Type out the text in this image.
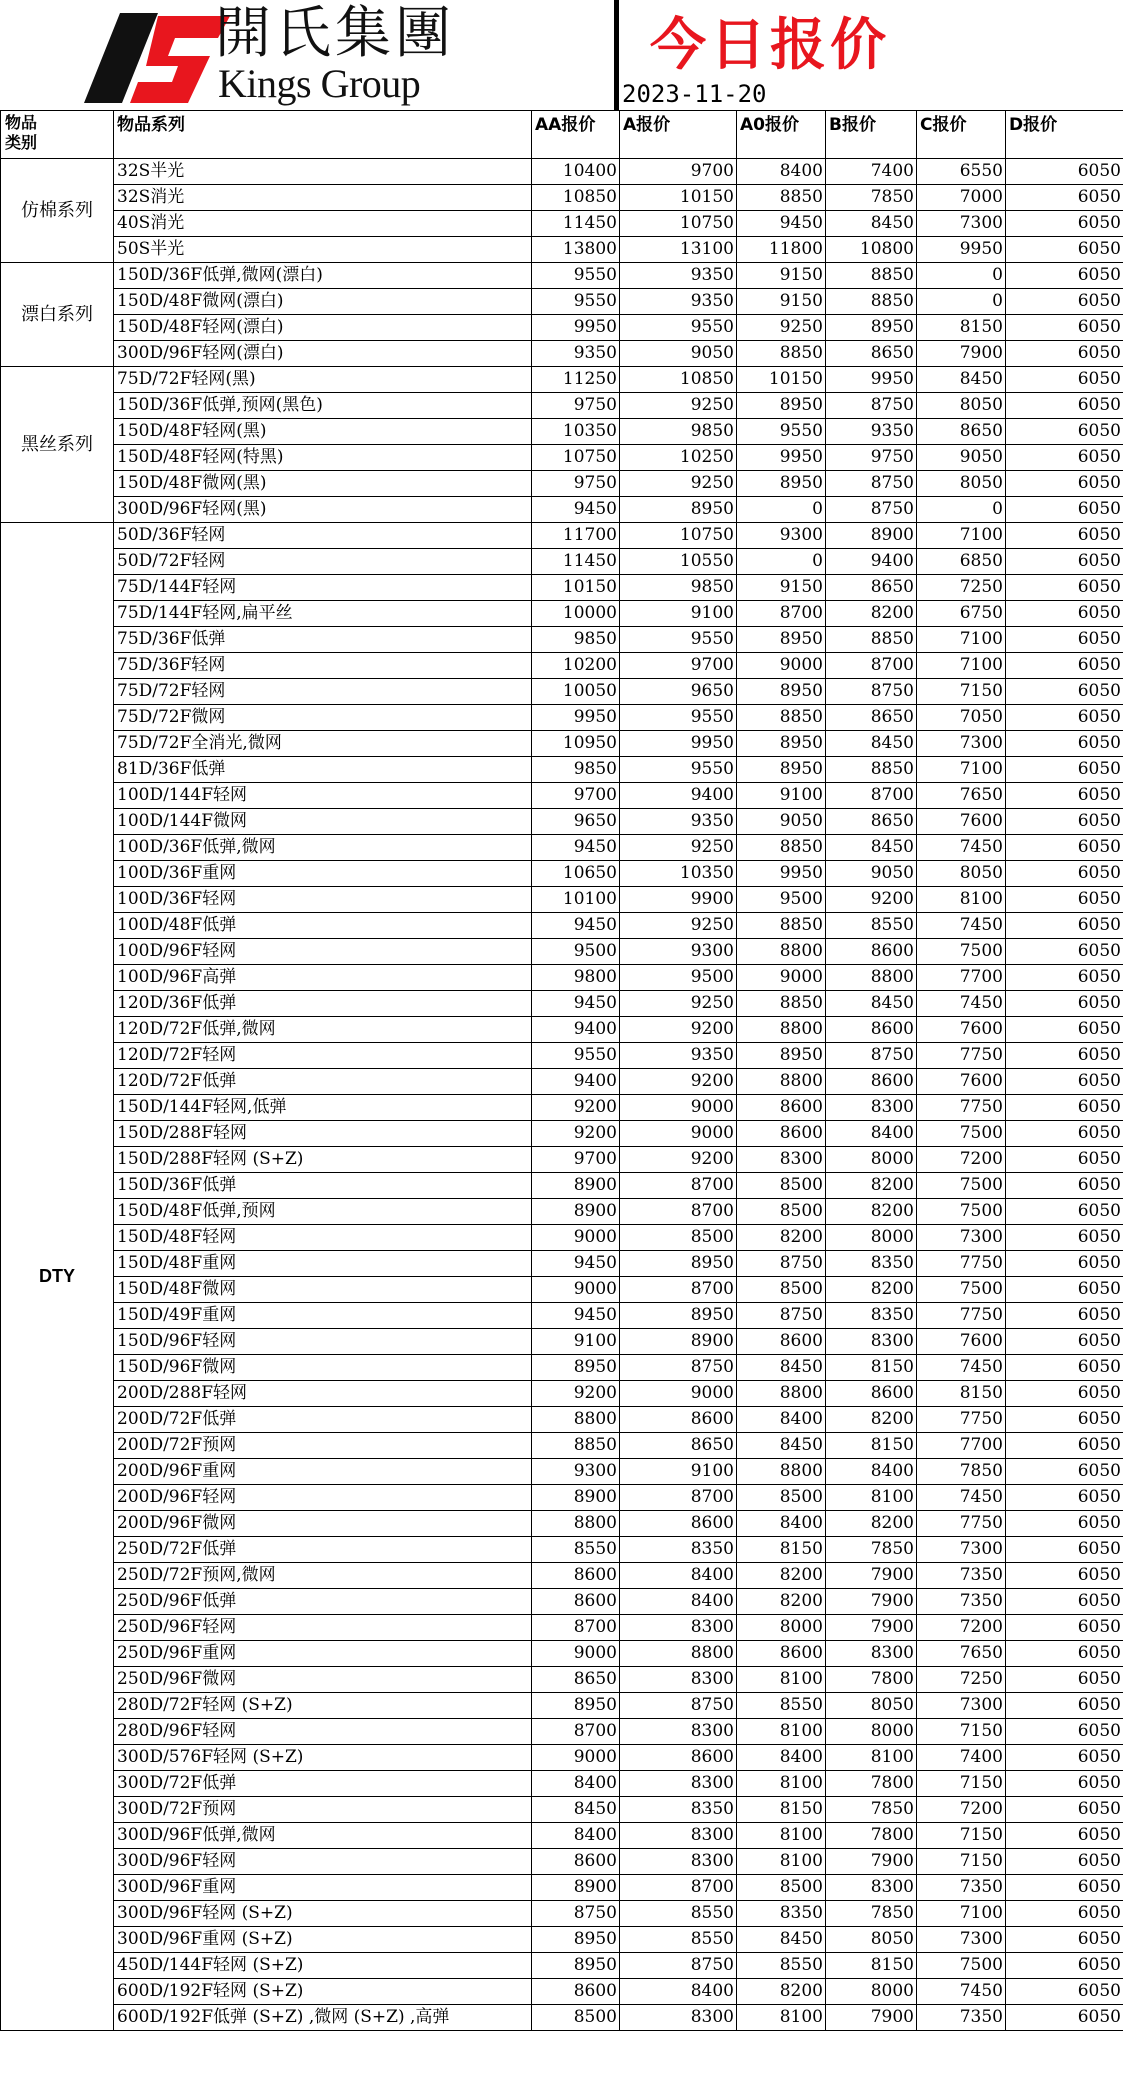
開氏集團
Kings Group
今日报价
2023-11-20
物品
类别	物品系列	AA报价	A报价	A0报价	B报价	C报价	D报价
仿棉系列	32S半光	10400	9700	8400	7400	6550	6050
	32S消光	10850	10150	8850	7850	7000	6050
	40S消光	11450	10750	9450	8450	7300	6050
	50S半光	13800	13100	11800	10800	9950	6050
漂白系列	150D/36F低弹,微网(漂白)	9550	9350	9150	8850	0	6050
	150D/48F微网(漂白)	9550	9350	9150	8850	0	6050
	150D/48F轻网(漂白)	9950	9550	9250	8950	8150	6050
	300D/96F轻网(漂白)	9350	9050	8850	8650	7900	6050
黑丝系列	75D/72F轻网(黑)	11250	10850	10150	9950	8450	6050
	150D/36F低弹,预网(黑色)	9750	9250	8950	8750	8050	6050
	150D/48F轻网(黑)	10350	9850	9550	9350	8650	6050
	150D/48F轻网(特黑)	10750	10250	9950	9750	9050	6050
	150D/48F微网(黑)	9750	9250	8950	8750	8050	6050
	300D/96F轻网(黑)	9450	8950	0	8750	0	6050
DTY	50D/36F轻网	11700	10750	9300	8900	7100	6050
	50D/72F轻网	11450	10550	0	9400	6850	6050
	75D/144F轻网	10150	9850	9150	8650	7250	6050
	75D/144F轻网,扁平丝	10000	9100	8700	8200	6750	6050
	75D/36F低弹	9850	9550	8950	8850	7100	6050
	75D/36F轻网	10200	9700	9000	8700	7100	6050
	75D/72F轻网	10050	9650	8950	8750	7150	6050
	75D/72F微网	9950	9550	8850	8650	7050	6050
	75D/72F全消光,微网	10950	9950	8950	8450	7300	6050
	81D/36F低弹	9850	9550	8950	8850	7100	6050
	100D/144F轻网	9700	9400	9100	8700	7650	6050
	100D/144F微网	9650	9350	9050	8650	7600	6050
	100D/36F低弹,微网	9450	9250	8850	8450	7450	6050
	100D/36F重网	10650	10350	9950	9050	8050	6050
	100D/36F轻网	10100	9900	9500	9200	8100	6050
	100D/48F低弹	9450	9250	8850	8550	7450	6050
	100D/96F轻网	9500	9300	8800	8600	7500	6050
	100D/96F高弹	9800	9500	9000	8800	7700	6050
	120D/36F低弹	9450	9250	8850	8450	7450	6050
	120D/72F低弹,微网	9400	9200	8800	8600	7600	6050
	120D/72F轻网	9550	9350	8950	8750	7750	6050
	120D/72F低弹	9400	9200	8800	8600	7600	6050
	150D/144F轻网,低弹	9200	9000	8600	8300	7750	6050
	150D/288F轻网	9200	9000	8600	8400	7500	6050
	150D/288F轻网 (S+Z)	9700	9200	8300	8000	7200	6050
	150D/36F低弹	8900	8700	8500	8200	7500	6050
	150D/48F低弹,预网	8900	8700	8500	8200	7500	6050
	150D/48F轻网	9000	8500	8200	8000	7300	6050
	150D/48F重网	9450	8950	8750	8350	7750	6050
	150D/48F微网	9000	8700	8500	8200	7500	6050
	150D/49F重网	9450	8950	8750	8350	7750	6050
	150D/96F轻网	9100	8900	8600	8300	7600	6050
	150D/96F微网	8950	8750	8450	8150	7450	6050
	200D/288F轻网	9200	9000	8800	8600	8150	6050
	200D/72F低弹	8800	8600	8400	8200	7750	6050
	200D/72F预网	8850	8650	8450	8150	7700	6050
	200D/96F重网	9300	9100	8800	8400	7850	6050
	200D/96F轻网	8900	8700	8500	8100	7450	6050
	200D/96F微网	8800	8600	8400	8200	7750	6050
	250D/72F低弹	8550	8350	8150	7850	7300	6050
	250D/72F预网,微网	8600	8400	8200	7900	7350	6050
	250D/96F低弹	8600	8400	8200	7900	7350	6050
	250D/96F轻网	8700	8300	8000	7900	7200	6050
	250D/96F重网	9000	8800	8600	8300	7650	6050
	250D/96F微网	8650	8300	8100	7800	7250	6050
	280D/72F轻网 (S+Z)	8950	8750	8550	8050	7300	6050
	280D/96F轻网	8700	8300	8100	8000	7150	6050
	300D/576F轻网 (S+Z)	9000	8600	8400	8100	7400	6050
	300D/72F低弹	8400	8300	8100	7800	7150	6050
	300D/72F预网	8450	8350	8150	7850	7200	6050
	300D/96F低弹,微网	8400	8300	8100	7800	7150	6050
	300D/96F轻网	8600	8300	8100	7900	7150	6050
	300D/96F重网	8900	8700	8500	8300	7350	6050
	300D/96F轻网 (S+Z)	8750	8550	8350	7850	7100	6050
	300D/96F重网 (S+Z)	8950	8550	8450	8050	7300	6050
	450D/144F轻网 (S+Z)	8950	8750	8550	8150	7500	6050
	600D/192F轻网 (S+Z)	8600	8400	8200	8000	7450	6050
	600D/192F低弹 (S+Z) ,微网 (S+Z) ,高弹	8500	8300	8100	7900	7350	6050
